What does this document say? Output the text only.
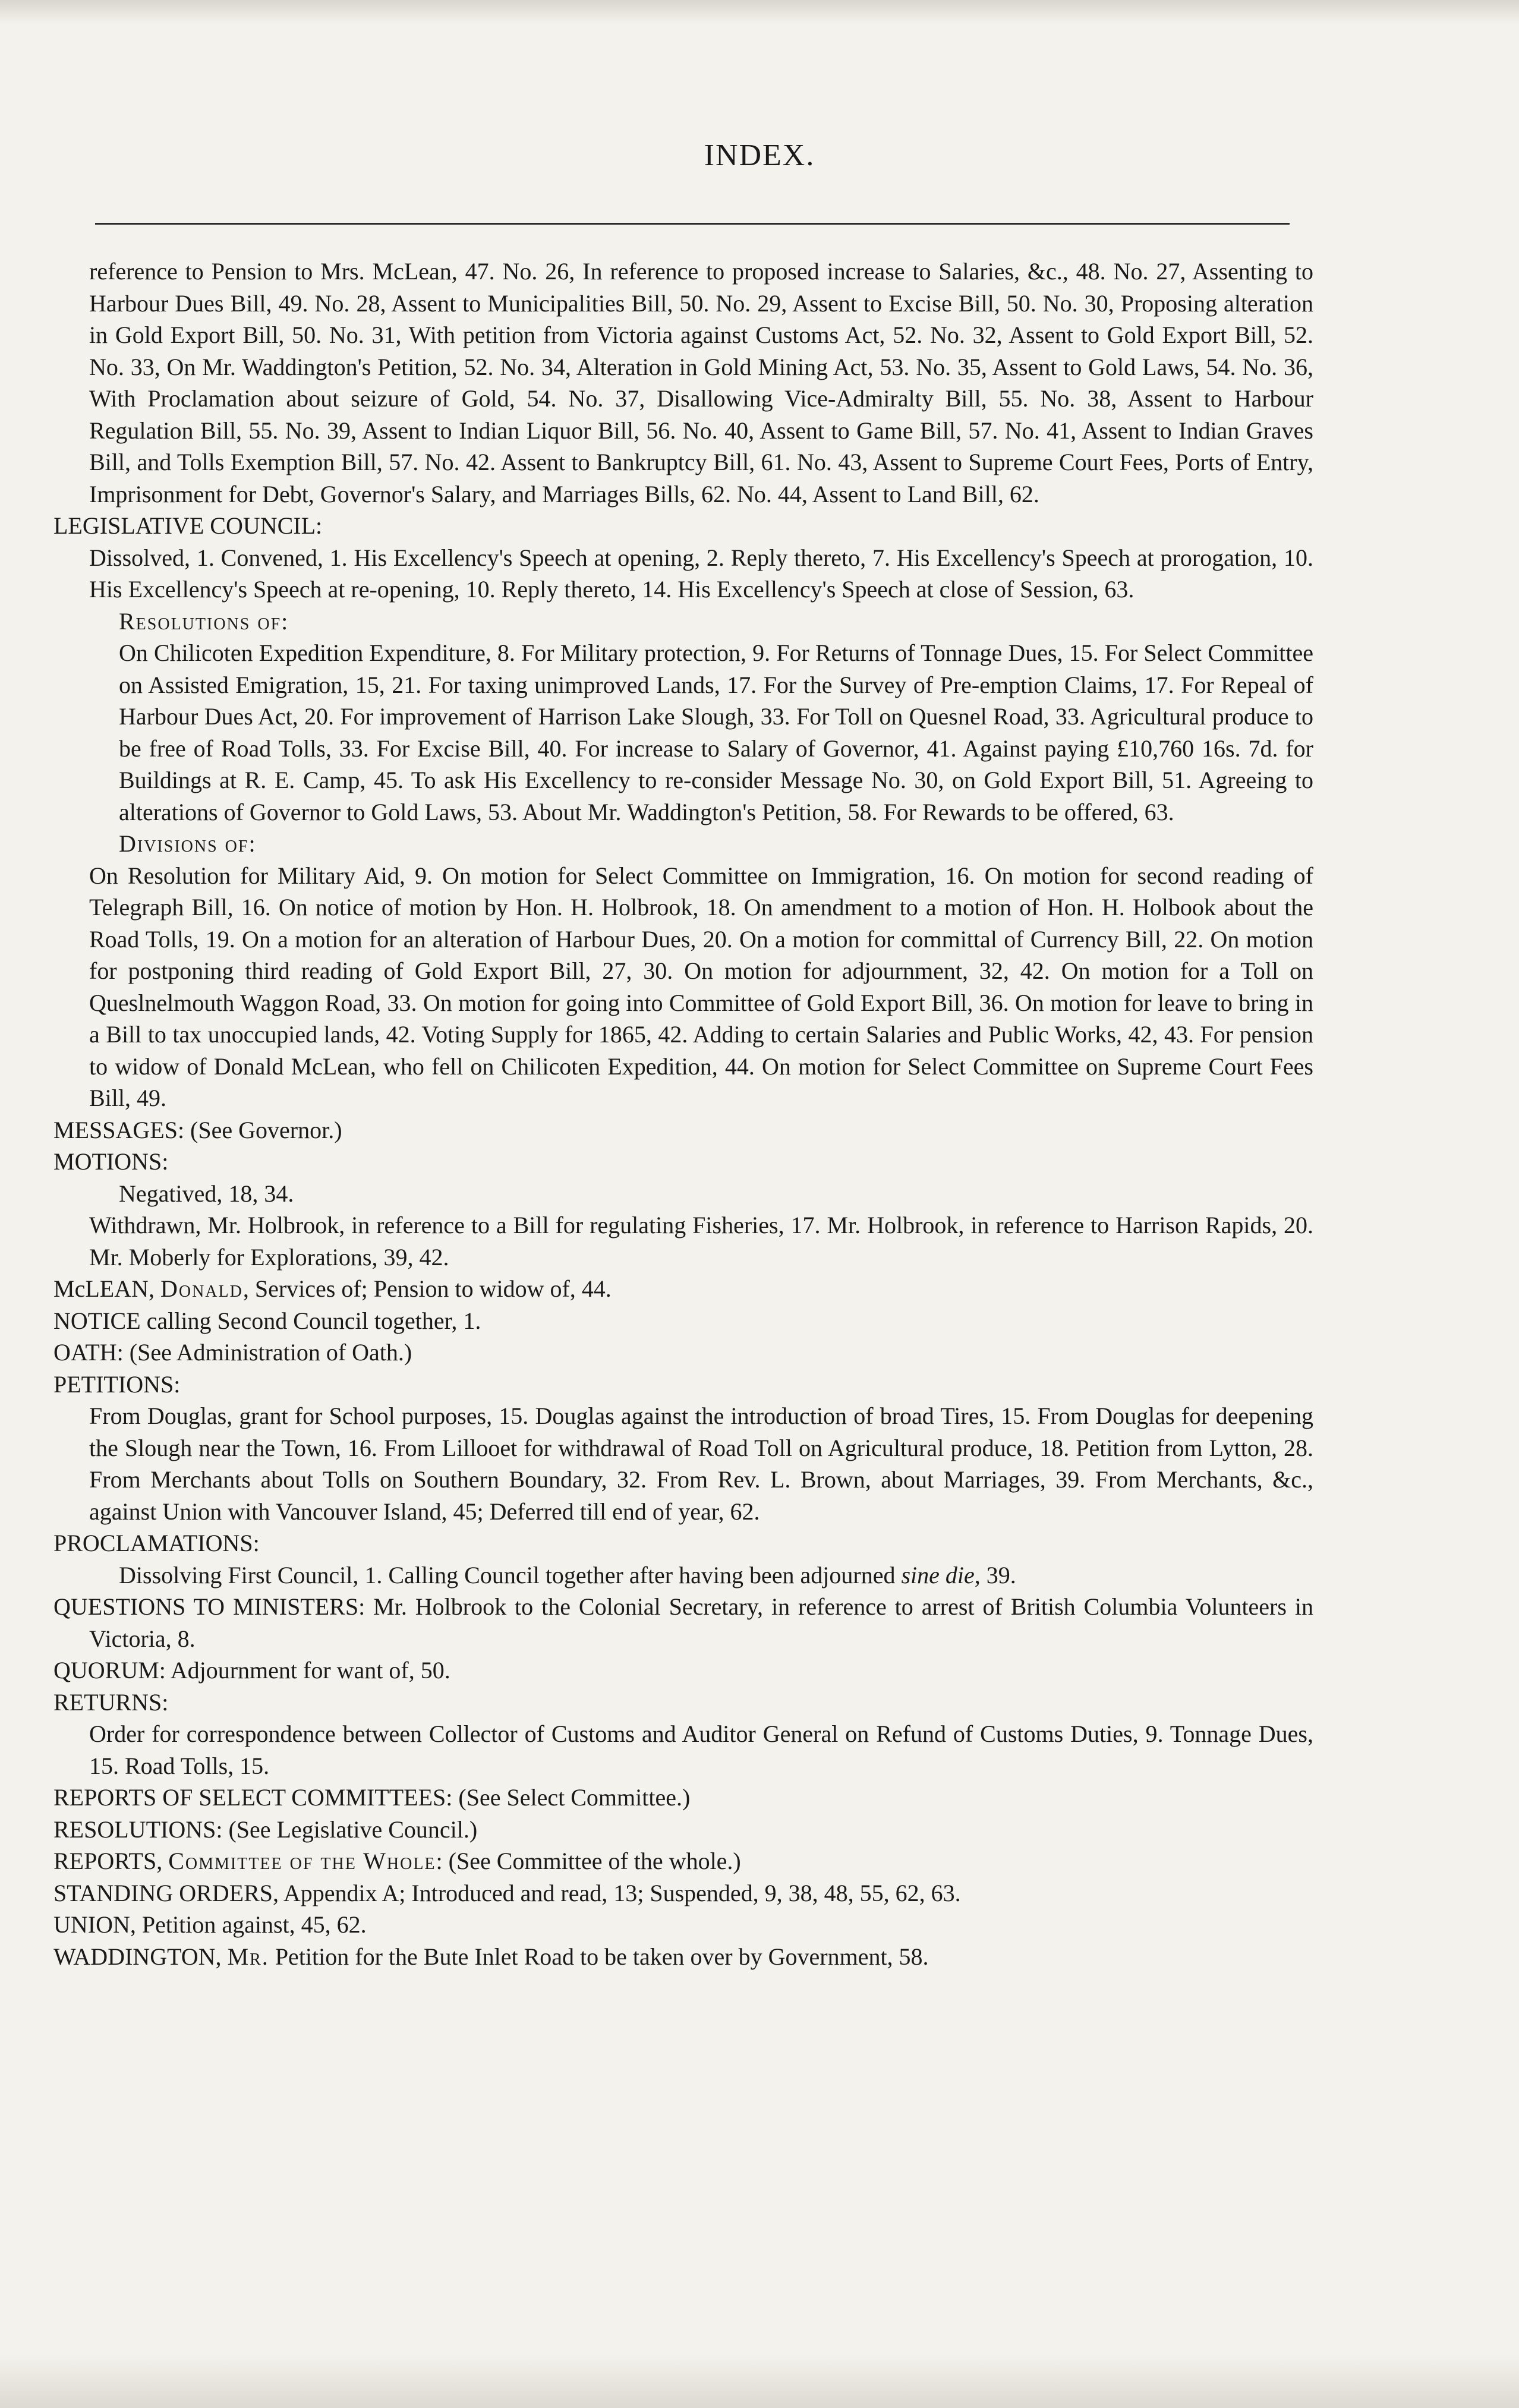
INDEX.

reference to Pension to Mrs. McLean, 47. No. 26, In reference to proposed increase to Salaries, &c., 48. No. 27, Assenting to Harbour Dues Bill, 49. No. 28, Assent to Municipalities Bill, 50. No. 29, Assent to Excise Bill, 50. No. 30, Proposing alteration in Gold Export Bill, 50. No. 31, With petition from Victoria against Customs Act, 52. No. 32, Assent to Gold Export Bill, 52. No. 33, On Mr. Waddington's Petition, 52. No. 34, Alteration in Gold Mining Act, 53. No. 35, Assent to Gold Laws, 54. No. 36, With Proclamation about seizure of Gold, 54. No. 37, Disallowing Vice-Admiralty Bill, 55. No. 38, Assent to Harbour Regulation Bill, 55. No. 39, Assent to Indian Liquor Bill, 56. No. 40, Assent to Game Bill, 57. No. 41, Assent to Indian Graves Bill, and Tolls Exemption Bill, 57. No. 42. Assent to Bankruptcy Bill, 61. No. 43, Assent to Supreme Court Fees, Ports of Entry, Imprisonment for Debt, Governor's Salary, and Marriages Bills, 62. No. 44, Assent to Land Bill, 62.

LEGISLATIVE COUNCIL:

Dissolved, 1. Convened, 1. His Excellency's Speech at opening, 2. Reply thereto, 7. His Excellency's Speech at prorogation, 10. His Excellency's Speech at re-opening, 10. Reply thereto, 14. His Excellency's Speech at close of Session, 63.

Resolutions of:

On Chilicoten Expedition Expenditure, 8. For Military protection, 9. For Returns of Tonnage Dues, 15. For Select Committee on Assisted Emigration, 15, 21. For taxing unimproved Lands, 17. For the Survey of Pre-emption Claims, 17. For Repeal of Harbour Dues Act, 20. For improvement of Harrison Lake Slough, 33. For Toll on Quesnel Road, 33. Agricultural produce to be free of Road Tolls, 33. For Excise Bill, 40. For increase to Salary of Governor, 41. Against paying £10,760 16s. 7d. for Buildings at R. E. Camp, 45. To ask His Excellency to re-consider Message No. 30, on Gold Export Bill, 51. Agreeing to alterations of Governor to Gold Laws, 53. About Mr. Waddington's Petition, 58. For Rewards to be offered, 63.

Divisions of:

On Resolution for Military Aid, 9. On motion for Select Committee on Immigration, 16. On motion for second reading of Telegraph Bill, 16. On notice of motion by Hon. H. Holbrook, 18. On amendment to a motion of Hon. H. Holbook about the Road Tolls, 19. On a motion for an alteration of Harbour Dues, 20. On a motion for committal of Currency Bill, 22. On motion for postponing third reading of Gold Export Bill, 27, 30. On motion for adjournment, 32, 42. On motion for a Toll on Queslnelmouth Waggon Road, 33. On motion for going into Committee of Gold Export Bill, 36. On motion for leave to bring in a Bill to tax unoccupied lands, 42. Voting Supply for 1865, 42. Adding to certain Salaries and Public Works, 42, 43. For pension to widow of Donald McLean, who fell on Chilicoten Expedition, 44. On motion for Select Committee on Supreme Court Fees Bill, 49.

MESSAGES: (See Governor.)

MOTIONS:

Negatived, 18, 34.

Withdrawn, Mr. Holbrook, in reference to a Bill for regulating Fisheries, 17. Mr. Holbrook, in reference to Harrison Rapids, 20. Mr. Moberly for Explorations, 39, 42.

McLEAN, Donald, Services of; Pension to widow of, 44.

NOTICE calling Second Council together, 1.

OATH: (See Administration of Oath.)

PETITIONS:

From Douglas, grant for School purposes, 15. Douglas against the introduction of broad Tires, 15. From Douglas for deepening the Slough near the Town, 16. From Lillooet for withdrawal of Road Toll on Agricultural produce, 18. Petition from Lytton, 28. From Merchants about Tolls on Southern Boundary, 32. From Rev. L. Brown, about Marriages, 39. From Merchants, &c., against Union with Vancouver Island, 45; Deferred till end of year, 62.

PROCLAMATIONS:

Dissolving First Council, 1. Calling Council together after having been adjourned sine die, 39.

QUESTIONS TO MINISTERS: Mr. Holbrook to the Colonial Secretary, in reference to arrest of British Columbia Volunteers in Victoria, 8.

QUORUM: Adjournment for want of, 50.

RETURNS:

Order for correspondence between Collector of Customs and Auditor General on Refund of Customs Duties, 9. Tonnage Dues, 15. Road Tolls, 15.

REPORTS OF SELECT COMMITTEES: (See Select Committee.)

RESOLUTIONS: (See Legislative Council.)

REPORTS, Committee of the Whole: (See Committee of the whole.)

STANDING ORDERS, Appendix A; Introduced and read, 13; Suspended, 9, 38, 48, 55, 62, 63.

UNION, Petition against, 45, 62.

WADDINGTON, Mr. Petition for the Bute Inlet Road to be taken over by Government, 58.
